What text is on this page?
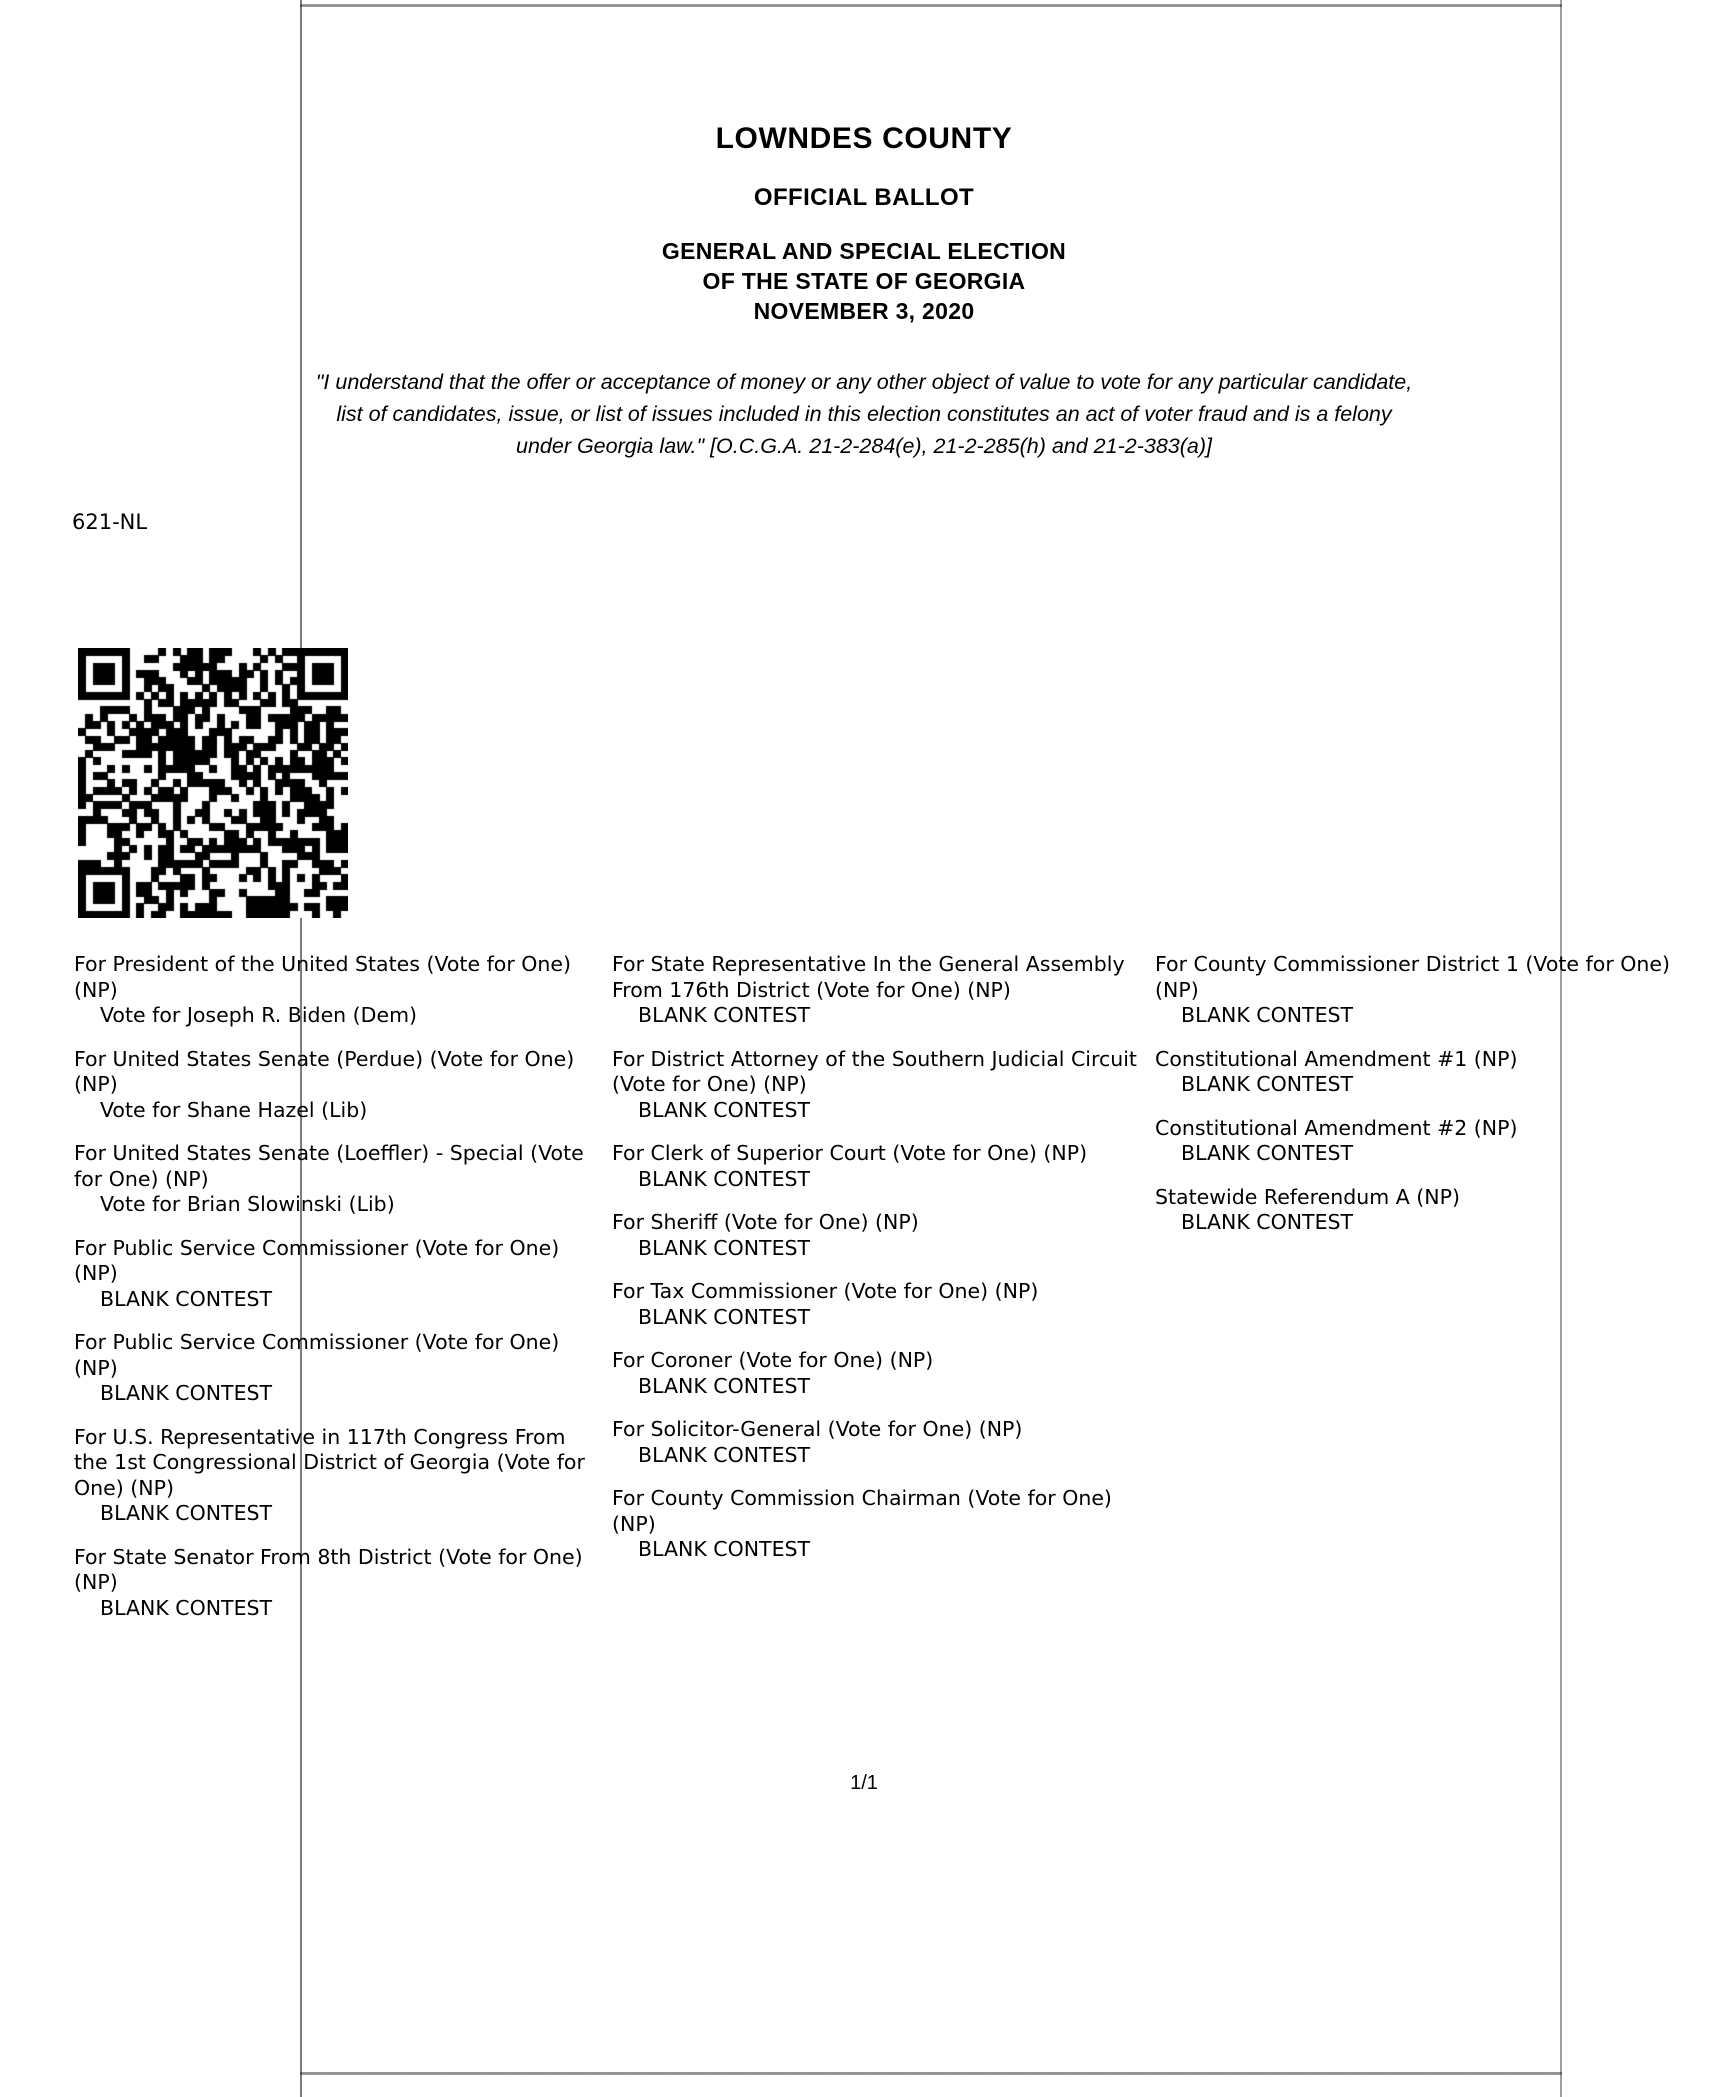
LOWNDES COUNTY
OFFICIAL BALLOT
GENERAL AND SPECIAL ELECTION
OF THE STATE OF GEORGIA
NOVEMBER 3, 2020
"I understand that the offer or acceptance of money or any other object of value to vote for any particular candidate,
list of candidates, issue, or list of issues included in this election constitutes an act of voter fraud and is a felony
under Georgia law." [O.C.G.A. 21-2-284(e), 21-2-285(h) and 21-2-383(a)]
621-NL
For President of the United States (Vote for One) (NP)
Vote for Joseph R. Biden (Dem)
For United States Senate (Perdue) (Vote for One) (NP)
Vote for Shane Hazel (Lib)
For United States Senate (Loeffler) - Special (Vote for One) (NP)
Vote for Brian Slowinski (Lib)
For Public Service Commissioner (Vote for One) (NP)
BLANK CONTEST
For Public Service Commissioner (Vote for One) (NP)
BLANK CONTEST
For U.S. Representative in 117th Congress From the 1st Congressional District of Georgia (Vote for One) (NP)
BLANK CONTEST
For State Senator From 8th District (Vote for One) (NP)
BLANK CONTEST
For State Representative In the General Assembly From 176th District (Vote for One) (NP)
BLANK CONTEST
For District Attorney of the Southern Judicial Circuit (Vote for One) (NP)
BLANK CONTEST
For Clerk of Superior Court (Vote for One) (NP)
BLANK CONTEST
For Sheriff (Vote for One) (NP)
BLANK CONTEST
For Tax Commissioner (Vote for One) (NP)
BLANK CONTEST
For Coroner (Vote for One) (NP)
BLANK CONTEST
For Solicitor-General (Vote for One) (NP)
BLANK CONTEST
For County Commission Chairman (Vote for One) (NP)
BLANK CONTEST
For County Commissioner District 1 (Vote for One) (NP)
BLANK CONTEST
Constitutional Amendment #1 (NP)
BLANK CONTEST
Constitutional Amendment #2 (NP)
BLANK CONTEST
Statewide Referendum A (NP)
BLANK CONTEST
1/1
